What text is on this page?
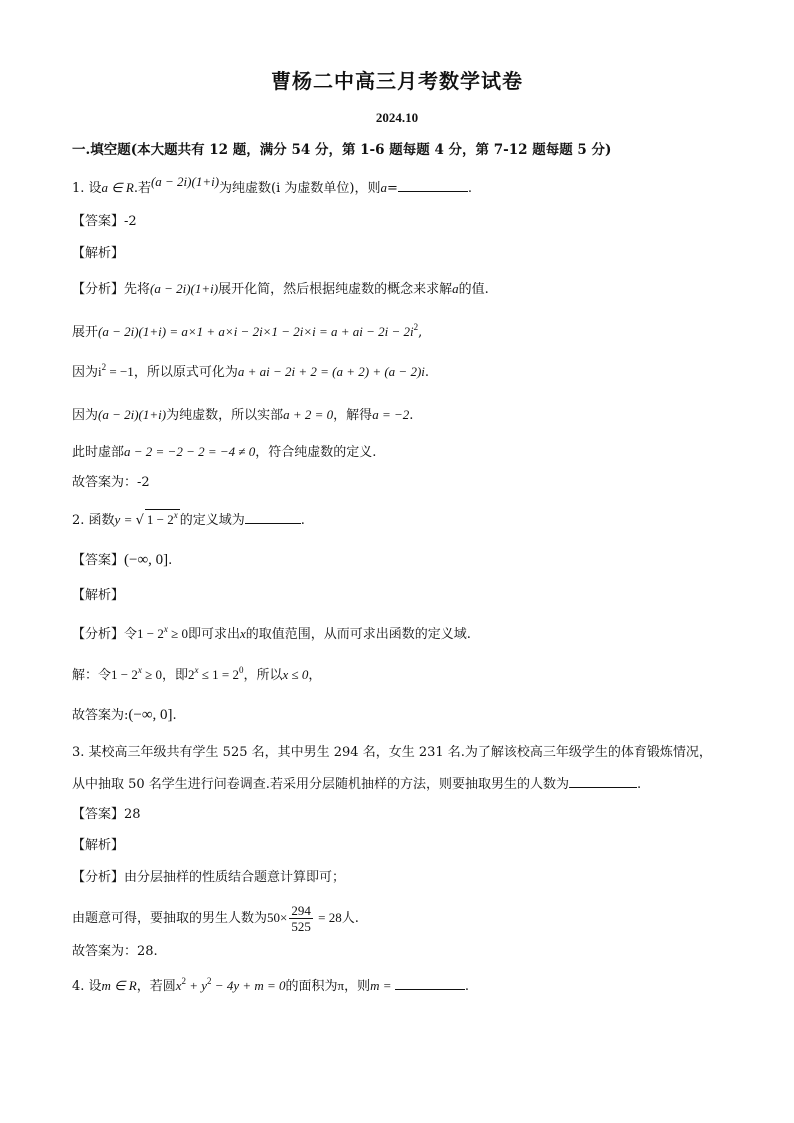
曹杨二中高三月考数学试卷
2024.10
一.填空题(本大题共有 12 题，满分 54 分，第 1-6 题每题 4 分，第 7-12 题每题 5 分)
1. 设a ∈ R.若(a − 2i)(1+i)为纯虚数(i 为虚数单位)，则a=	.
【答案】-2
【解析】
【分析】先将(a − 2i)(1+i)展开化简，然后根据纯虚数的概念来求解a的值.
展开(a − 2i)(1+i) = a×1 + a×i − 2i×1 − 2i×i = a + ai − $2i - 2i^2$,
因为$i^2 = -1$，所以原式可化为a + ai − 2i + 2 = (a + 2) + (a − 2)i.
因为(a − 2i)(1+i)为纯虚数，所以实部a + 2 = 0，解得a = −2.
此时虚部a − 2 = −2 − 2 = −4 ≠ 0，符合纯虚数的定义.
故答案为：-2
2. 函数y = √ $1 - 2^x$ 的定义域为	.
【答案】(−∞, 0].
【解析】
【分析】令$1 - 2^x \ge 0$即可求出x的取值范围，从而可求出函数的定义域.
解：令$1 - 2^x \ge 0$，即$2^x \le 1 = 2^0$，所以x ≤ 0，
故答案为:(−∞, 0].
3. 某校高三年级共有学生 525 名，其中男生 294 名，女生 231 名.为了解该校高三年级学生的体育锻炼情况，
从中抽取 50 名学生进行问卷调查.若采用分层随机抽样的方法，则要抽取男生的人数为	.
【答案】28
【解析】
【分析】由分层抽样的性质结合题意计算即可；
由题意可得，要抽取的男生人数为$50\times \frac{294}{525} = 28$人.
故答案为：28.
4. 设m ∈ R，若圆$x^2 + y^2 - 4y + m = 0$的面积为π，则m =	.
